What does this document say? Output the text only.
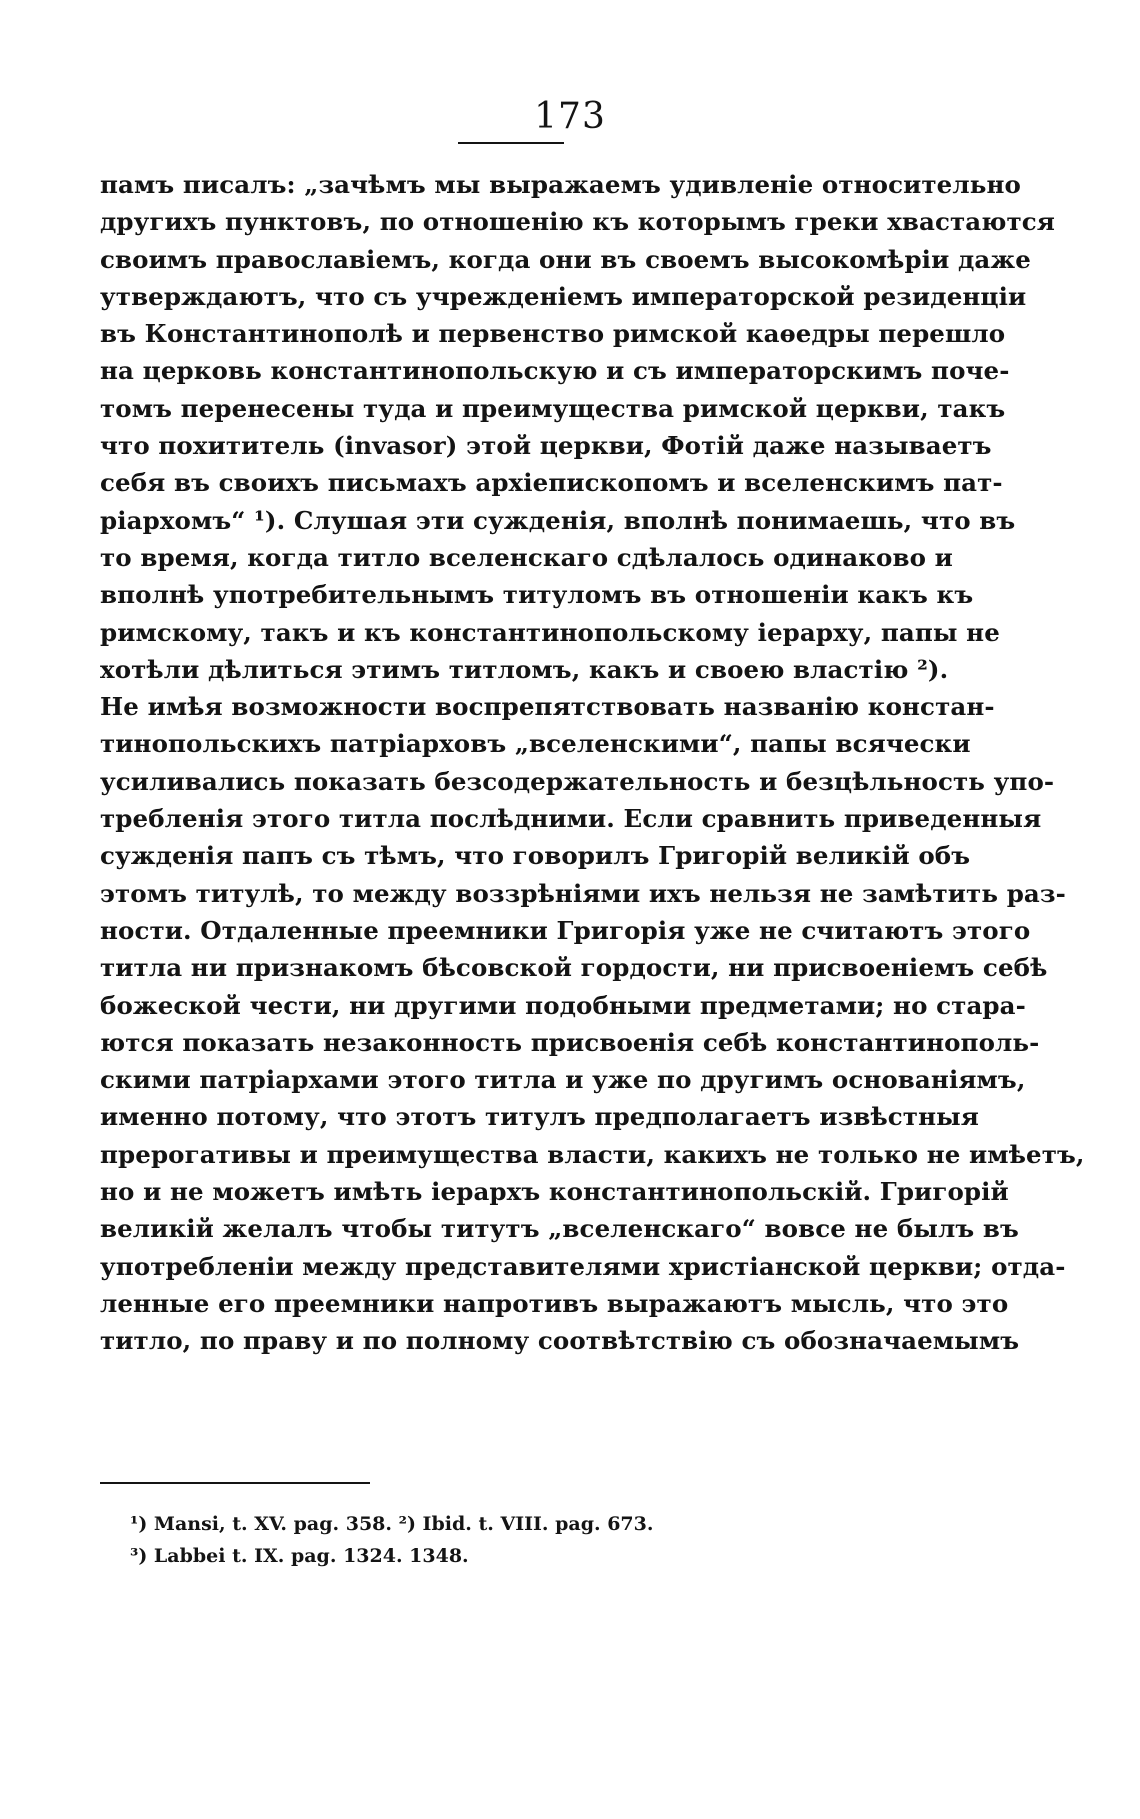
173
памъ писалъ: „зачѣмъ мы выражаемъ удивленіе относительно
другихъ пунктовъ, по отношенію къ которымъ греки хвастаются
своимъ православіемъ, когда они въ своемъ высокомѣріи даже
утверждаютъ, что съ учрежденіемъ императорской резиденціи
въ Константинополѣ и первенство римской каѳедры перешло
на церковь константинопольскую и съ императорскимъ поче-
томъ перенесены туда и преимущества римской церкви, такъ
что похититель (invasor) этой церкви, Фотій даже называетъ
себя въ своихъ письмахъ архіепископомъ и вселенскимъ пат-
ріархомъ“ ¹). Слушая эти сужденія, вполнѣ понимаешь, что въ
то время, когда титло вселенскаго сдѣлалось одинаково и
вполнѣ употребительнымъ титуломъ въ отношеніи какъ къ
римскому, такъ и къ константинопольскому іерарху, папы не
хотѣли дѣлиться этимъ титломъ, какъ и своею властію ²).
Не имѣя возможности воспрепятствовать названію констан-
тинопольскихъ патріарховъ „вселенскими“, папы всячески
усиливались показать безсодержательность и безцѣльность упо-
требленія этого титла послѣдними. Если сравнить приведенныя
сужденія папъ съ тѣмъ, что говорилъ Григорій великій объ
этомъ титулѣ, то между воззрѣніями ихъ нельзя не замѣтить раз-
ности. Отдаленные преемники Григорія уже не считаютъ этого
титла ни признакомъ бѣсовской гордости, ни присвоеніемъ себѣ
божеской чести, ни другими подобными предметами; но стара-
ются показать незаконность присвоенія себѣ константинополь-
скими патріархами этого титла и уже по другимъ основаніямъ,
именно потому, что этотъ титулъ предполагаетъ извѣстныя
прерогативы и преимущества власти, какихъ не только не имѣетъ,
но и не можетъ имѣть іерархъ константинопольскій. Григорій
великій желалъ чтобы титутъ „вселенскаго“ вовсе не былъ въ
употребленіи между представителями христіанской церкви; отда-
ленные его преемники напротивъ выражаютъ мысль, что это
титло, по праву и по полному соотвѣтствію съ обозначаемымъ
¹) Mansi, t. XV. pag. 358. ²) Ibid. t. VIII. pag. 673.
³) Labbei t. IX. pag. 1324. 1348.
